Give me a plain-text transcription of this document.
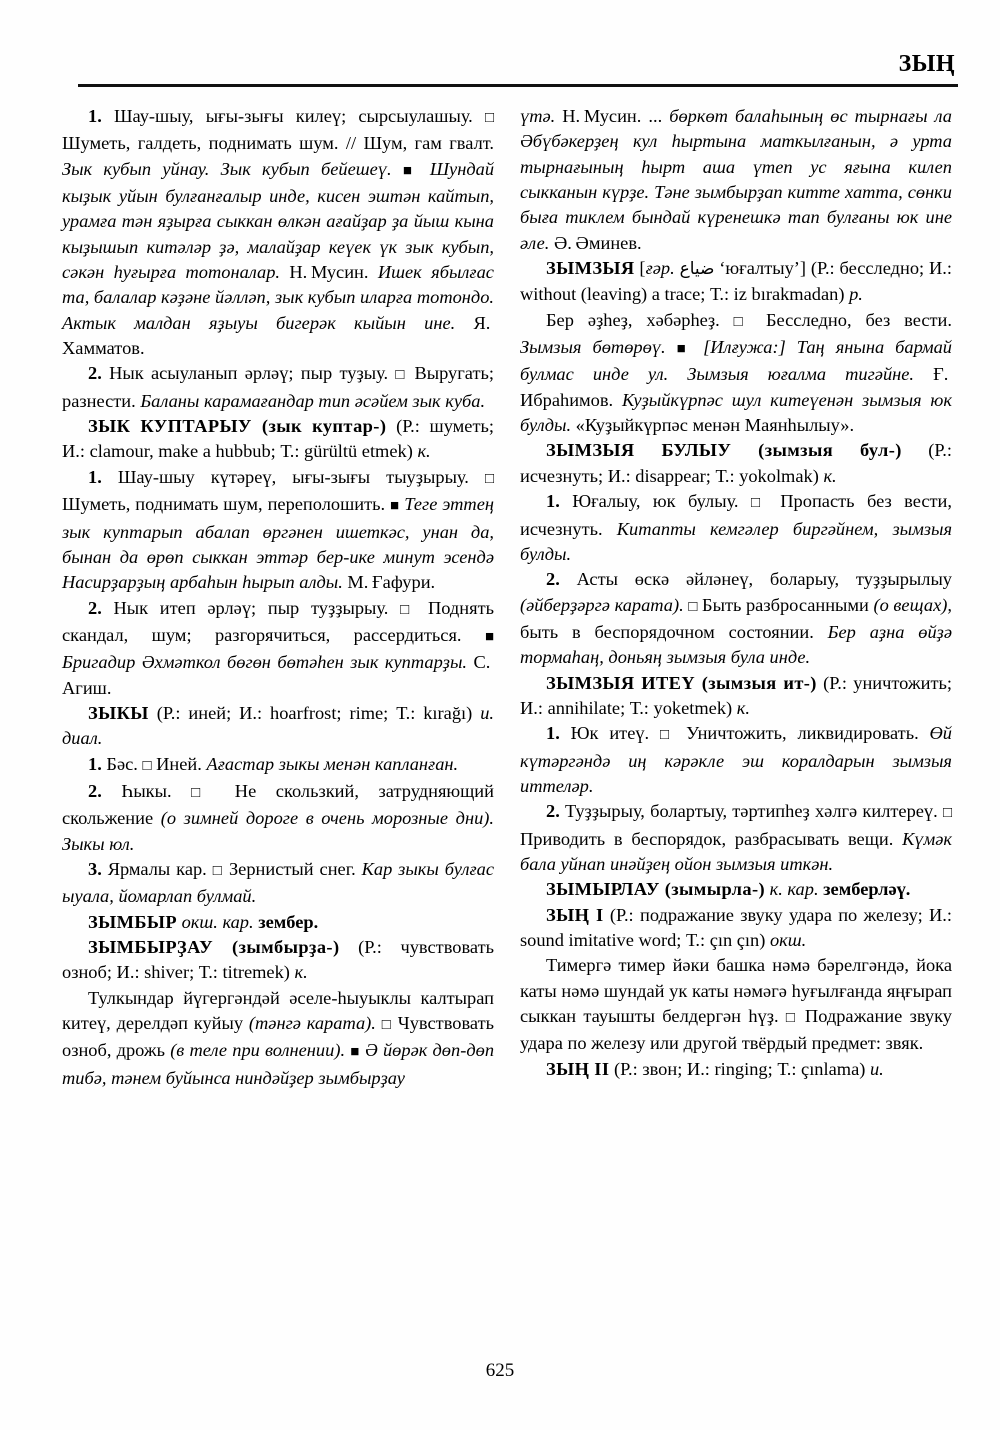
ЗЫҢ

1. Шау-шыу, ығы-зығы килеү; сырсыулашыу. □ Шуметь, галдеть, поднимать шум. // Шум, гам гвалт. Зык кубып уйнау. Зык кубып бейешеү. ■ Шундай кыҙык уйын булғанғалыр инде, кисен эштән кайтып, урамға тән яҙырға сыккан өлкән ағайҙар ҙа йыш кына кыҙышып китәләр ҙә, малайҙар кеүек үк зык кубып, сәкән һуғырға тотоналар. Н. Мусин. Ишек ябылғас та, балалар кәҙәне йәлләп, зык кубып иларға тотондо. Актык малдан яҙыуы бигерәк кыйын ине. Я. Хамматов.

2. Нык асыуланып әрләү; пыр туҙыу. □ Выругать; разнести. Баланы карамағандар тип әсәйем зык куба.

ЗЫК КУПТАРЫУ (зык куптар-) (Р.: шуметь; И.: clamour, make a hubbub; Т.: gürültü etmek) к.

1. Шау-шыу күтәреү, ығы-зығы тыуҙырыу. □ Шуметь, поднимать шум, переполошить. ■ Теге эттең зык куптарып абалап өргәнен ишеткәс, унан да, бынан да өрөп сыккан эттәр бер-ике минут эсендә Насирҙарҙың арбаһын һырып алды. М. Ғафури.

2. Нык итеп әрләү; пыр туҙҙырыу. □ Поднять скандал, шум; разгорячиться, рассердиться. ■ Бригадир Әхмәткол бөгөн бөтәһен зык куптарҙы. С. Агиш.

ЗЫКЫ (Р.: иней; И.: hoarfrost; rime; Т.: kırağı) и. диал.

1. Бәс. □ Иней. Ағастар зыкы менән капланған.

2. Һыкы. □ Не скользкий, затрудняющий скольжение (о зимней дороге в очень морозные дни). Зыкы юл.

3. Ярмалы кар. □ Зернистый снег. Кар зыкы булғас ыуала, йомарлап булмай.

ЗЫМБЫР окш. кар. зембер.

ЗЫМБЫРҘАУ (зымбырҙа-) (Р.: чувствовать озноб; И.: shiver; Т.: titremek) к.

Тулкындар йүгергәндәй әселе-һыуыклы калтырап китеү, дерелдәп куйыу (тәнгә карата). □ Чувствовать озноб, дрожь (в теле при волнении). ■ Ә йөрәк дөп-дөп тибә, тәнем буйынса ниндәйҙер зымбырҙау

үтә. Н. Мусин. ... бөркөт балаһының өс тырнағы ла Әбүбәкерҙең кул һыртына маткылғанын, ә урта тырнағының һырт аша үтеп ус яғына килеп сыкканын күрҙе. Тәне зымбырҙап китте хатта, сөнки быға тиклем бындай күренешкә тап булғаны юк ине әле. Ә. Әминев.

ЗЫМЗЫЯ [ғәр. ضياع ‘юғалтыу’] (Р.: бесследно; И.: without (leaving) a trace; Т.: iz bırakmadan) р.

Бер әҙһеҙ, хәбәрһеҙ. □ Бесследно, без вести. Зымзыя бөтөрөү. ■ [Илғужа:] Таң янына бармай булмас инде ул. Зымзыя юғалма тигәйне. Ғ. Ибраһимов. Куҙыйкүрпәс шул китеүенән зымзыя юк булды. «Куҙыйкүрпәс менән Маянһылыу».

ЗЫМЗЫЯ БУЛЫУ (зымзыя бул-) (Р.: исчезнуть; И.: disappear; Т.: yokolmak) к.

1. Юғалыу, юк булыу. □ Пропасть без вести, исчезнуть. Китапты кемгәлер биргәйнем, зымзыя булды.

2. Асты өскә әйләнеү, боларыу, туҙҙырылыу (әйберҙәргә карата). □ Быть разбросанными (о вещах), быть в беспорядочном состоянии. Бер аҙна өйҙә тормаһаң, доньяң зымзыя була инде.

ЗЫМЗЫЯ ИТЕҮ (зымзыя ит-) (Р.: уничтожить; И.: annihilate; Т.: yoketmek) к.

1. Юк итеү. □ Уничтожить, ликвидировать. Өй күтәргәндә иң кәрәкле эш коралдарын зымзыя иттеләр.

2. Туҙҙырыу, болартыу, тәртипһеҙ хәлгә килтереү. □ Приводить в беспорядок, разбрасывать вещи. Күмәк бала уйнап инәйҙең ойон зымзыя иткән.

ЗЫМЫРЛАУ (зымырла-) к. кар. земберләү.

ЗЫҢ I (Р.: подражание звуку удара по железу; И.: sound imitative word; Т.: çın çın) окш.

Тимергә тимер йәки башка нәмә бәрелгәндә, йока каты нәмә шундай ук каты нәмәгә һуғылғанда яңғырап сыккан тауышты белдергән һүҙ. □ Подражание звуку удара по железу или другой твёрдый предмет: звяк.

ЗЫҢ II (Р.: звон; И.: ringing; Т.: çınlama) и.

625
